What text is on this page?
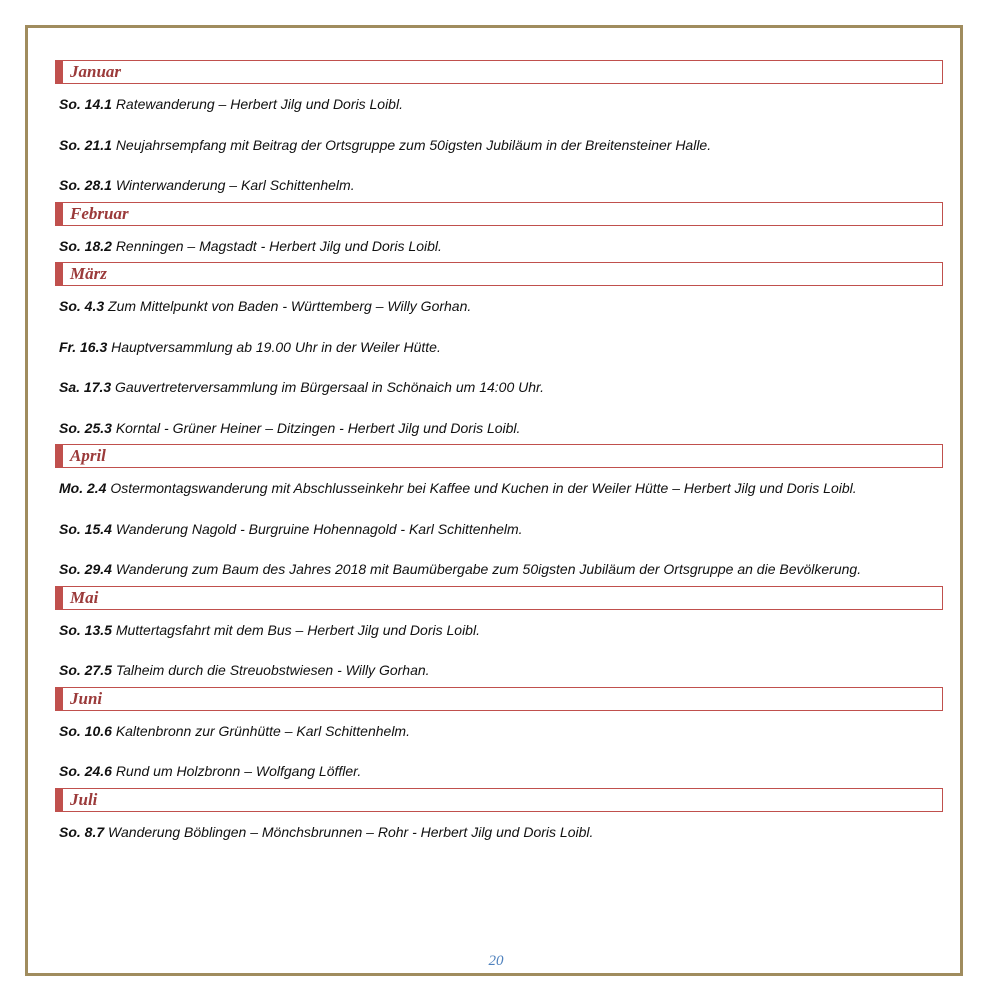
Januar

So. 14.1 Ratewanderung – Herbert Jilg und Doris Loibl.

So. 21.1 Neujahrsempfang mit Beitrag der Ortsgruppe zum 50igsten Jubiläum in der Breitensteiner Halle.

So. 28.1 Winterwanderung – Karl Schittenhelm.

Februar

So. 18.2 Renningen – Magstadt - Herbert Jilg und Doris Loibl.

März

So. 4.3 Zum Mittelpunkt von Baden - Württemberg – Willy Gorhan.

Fr. 16.3 Hauptversammlung ab 19.00 Uhr in der Weiler Hütte.

Sa. 17.3 Gauvertreterversammlung im Bürgersaal in Schönaich um 14:00 Uhr.

So. 25.3 Korntal - Grüner Heiner – Ditzingen - Herbert Jilg und Doris Loibl.

April

Mo. 2.4 Ostermontagswanderung mit Abschlusseinkehr bei Kaffee und Kuchen in der Weiler Hütte – Herbert Jilg und Doris Loibl.

So. 15.4 Wanderung Nagold - Burgruine Hohennagold - Karl Schittenhelm.

So. 29.4 Wanderung zum Baum des Jahres 2018 mit Baumübergabe zum 50igsten Jubiläum der Ortsgruppe an die Bevölkerung.

Mai

So. 13.5 Muttertagsfahrt mit dem Bus – Herbert Jilg und Doris Loibl.

So. 27.5 Talheim durch die Streuobstwiesen - Willy Gorhan.

Juni

So. 10.6 Kaltenbronn zur Grünhütte – Karl Schittenhelm.

So. 24.6 Rund um Holzbronn – Wolfgang Löffler.

Juli

So. 8.7 Wanderung Böblingen – Mönchsbrunnen – Rohr - Herbert Jilg und Doris Loibl.

20
